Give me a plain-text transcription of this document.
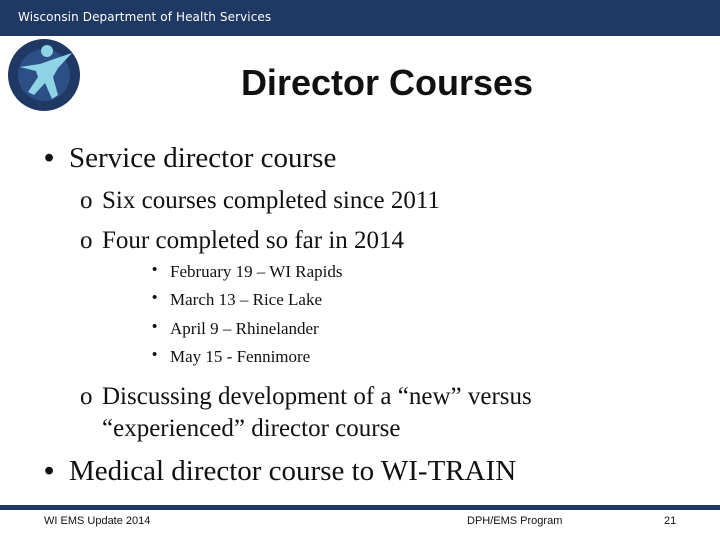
Wisconsin Department of Health Services
Director Courses
• Service director course
o Six courses completed since 2011
o Four completed so far in 2014
• February 19 – WI Rapids
• March 13 – Rice Lake
• April 9 – Rhinelander
• May 15 - Fennimore
o Discussing development of a “new” versus
“experienced” director course
• Medical director course to WI-TRAIN
WI EMS Update 2014	DPH/EMS Program	21
